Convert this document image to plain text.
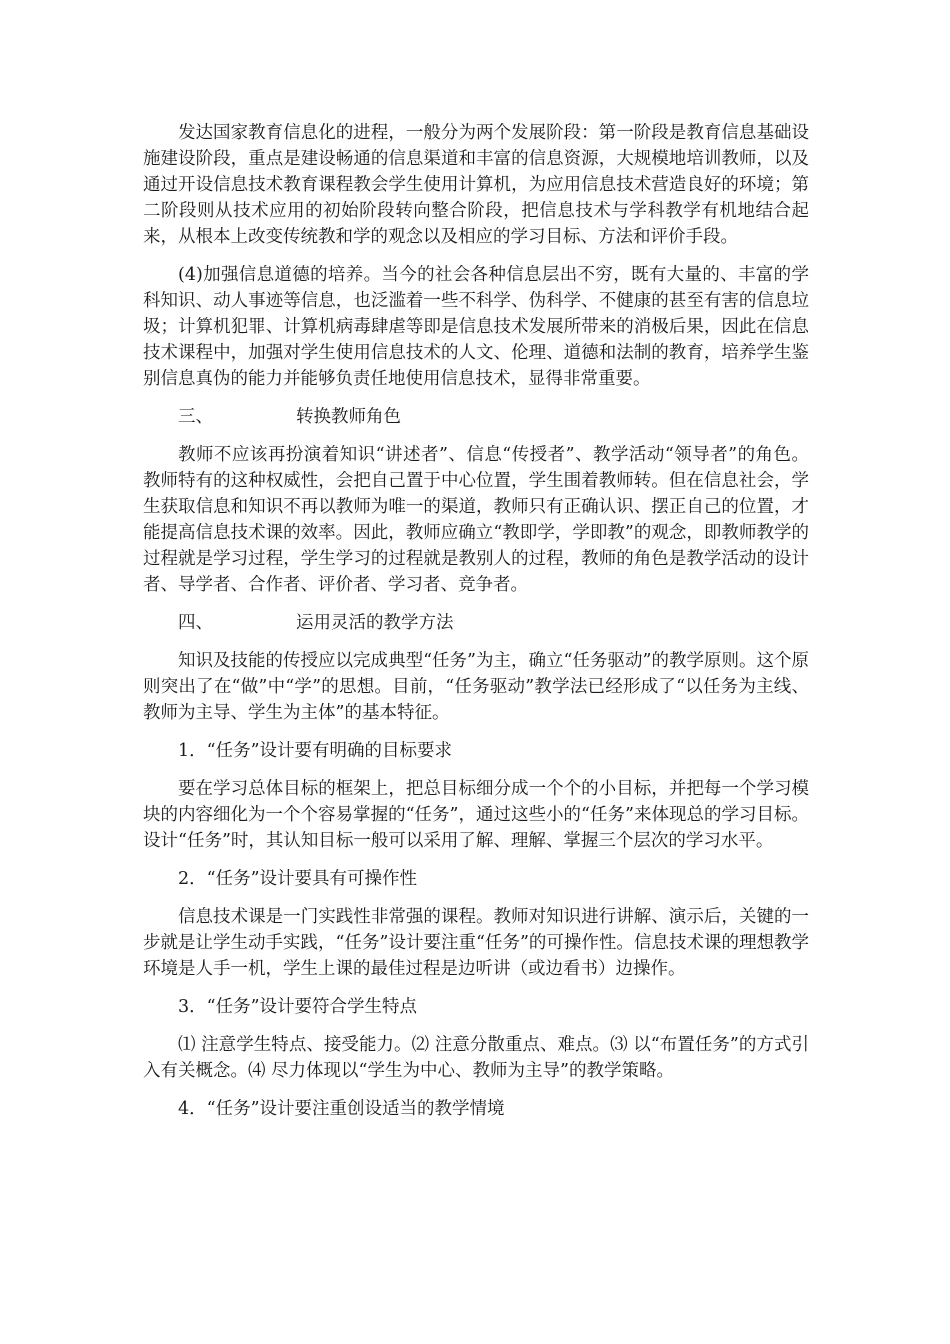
发达国家教育信息化的进程，一般分为两个发展阶段：第一阶段是教育信息基础设施建设阶段，重点是建设畅通的信息渠道和丰富的信息资源，大规模地培训教师，以及通过开设信息技术教育课程教会学生使用计算机，为应用信息技术营造良好的环境；第二阶段则从技术应用的初始阶段转向整合阶段，把信息技术与学科教学有机地结合起来，从根本上改变传统教和学的观念以及相应的学习目标、方法和评价手段。

(4)加强信息道德的培养。当今的社会各种信息层出不穷，既有大量的、丰富的学科知识、动人事迹等信息，也泛滥着一些不科学、伪科学、不健康的甚至有害的信息垃圾；计算机犯罪、计算机病毒肆虐等即是信息技术发展所带来的消极后果，因此在信息技术课程中，加强对学生使用信息技术的人文、伦理、道德和法制的教育，培养学生鉴别信息真伪的能力并能够负责任地使用信息技术，显得非常重要。

三、	转换教师角色

教师不应该再扮演着知识“讲述者”、信息“传授者”、教学活动“领导者”的角色。教师特有的这种权威性，会把自己置于中心位置，学生围着教师转。但在信息社会，学生获取信息和知识不再以教师为唯一的渠道，教师只有正确认识、摆正自己的位置，才能提高信息技术课的效率。因此，教师应确立“教即学，学即教”的观念，即教师教学的过程就是学习过程，学生学习的过程就是教别人的过程，教师的角色是教学活动的设计者、导学者、合作者、评价者、学习者、竞争者。

四、	运用灵活的教学方法

知识及技能的传授应以完成典型“任务”为主，确立“任务驱动”的教学原则。这个原则突出了在“做”中“学”的思想。目前，“任务驱动”教学法已经形成了“以任务为主线、教师为主导、学生为主体”的基本特征。

1．“任务”设计要有明确的目标要求

要在学习总体目标的框架上，把总目标细分成一个个的小目标，并把每一个学习模块的内容细化为一个个容易掌握的“任务”，通过这些小的“任务”来体现总的学习目标。设计“任务”时，其认知目标一般可以采用了解、理解、掌握三个层次的学习水平。

2．“任务”设计要具有可操作性

信息技术课是一门实践性非常强的课程。教师对知识进行讲解、演示后，关键的一步就是让学生动手实践，“任务”设计要注重“任务”的可操作性。信息技术课的理想教学环境是人手一机，学生上课的最佳过程是边听讲（或边看书）边操作。

3．“任务”设计要符合学生特点

⑴ 注意学生特点、接受能力。⑵ 注意分散重点、难点。⑶ 以“布置任务”的方式引入有关概念。⑷ 尽力体现以“学生为中心、教师为主导”的教学策略。

4．“任务”设计要注重创设适当的教学情境
